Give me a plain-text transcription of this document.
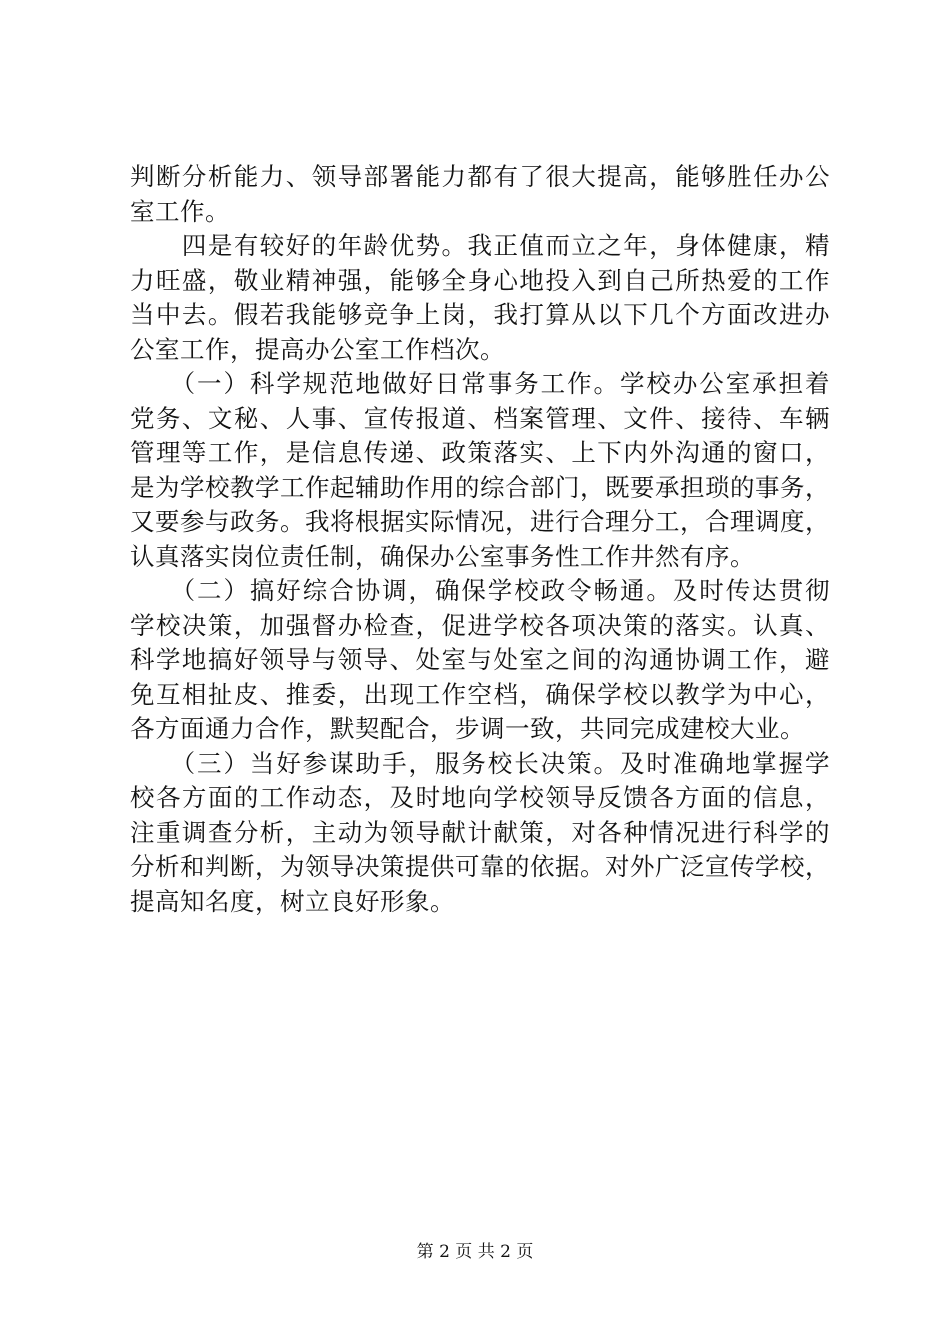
判断分析能力、领导部署能力都有了很大提高，能够胜任办公
室工作。
　　四是有较好的年龄优势。我正值而立之年，身体健康，精
力旺盛，敬业精神强，能够全身心地投入到自己所热爱的工作
当中去。假若我能够竞争上岗，我打算从以下几个方面改进办
公室工作，提高办公室工作档次。
　　（一）科学规范地做好日常事务工作。学校办公室承担着
党务、文秘、人事、宣传报道、档案管理、文件、接待、车辆
管理等工作，是信息传递、政策落实、上下内外沟通的窗口，
是为学校教学工作起辅助作用的综合部门，既要承担琐的事务，
又要参与政务。我将根据实际情况，进行合理分工，合理调度，
认真落实岗位责任制，确保办公室事务性工作井然有序。
　　（二）搞好综合协调，确保学校政令畅通。及时传达贯彻
学校决策，加强督办检查，促进学校各项决策的落实。认真、
科学地搞好领导与领导、处室与处室之间的沟通协调工作，避
免互相扯皮、推委，出现工作空档，确保学校以教学为中心，
各方面通力合作，默契配合，步调一致，共同完成建校大业。
　　（三）当好参谋助手，服务校长决策。及时准确地掌握学
校各方面的工作动态，及时地向学校领导反馈各方面的信息，
注重调查分析，主动为领导献计献策，对各种情况进行科学的
分析和判断，为领导决策提供可靠的依据。对外广泛宣传学校，
提高知名度，树立良好形象。
第 2 页 共 2 页
